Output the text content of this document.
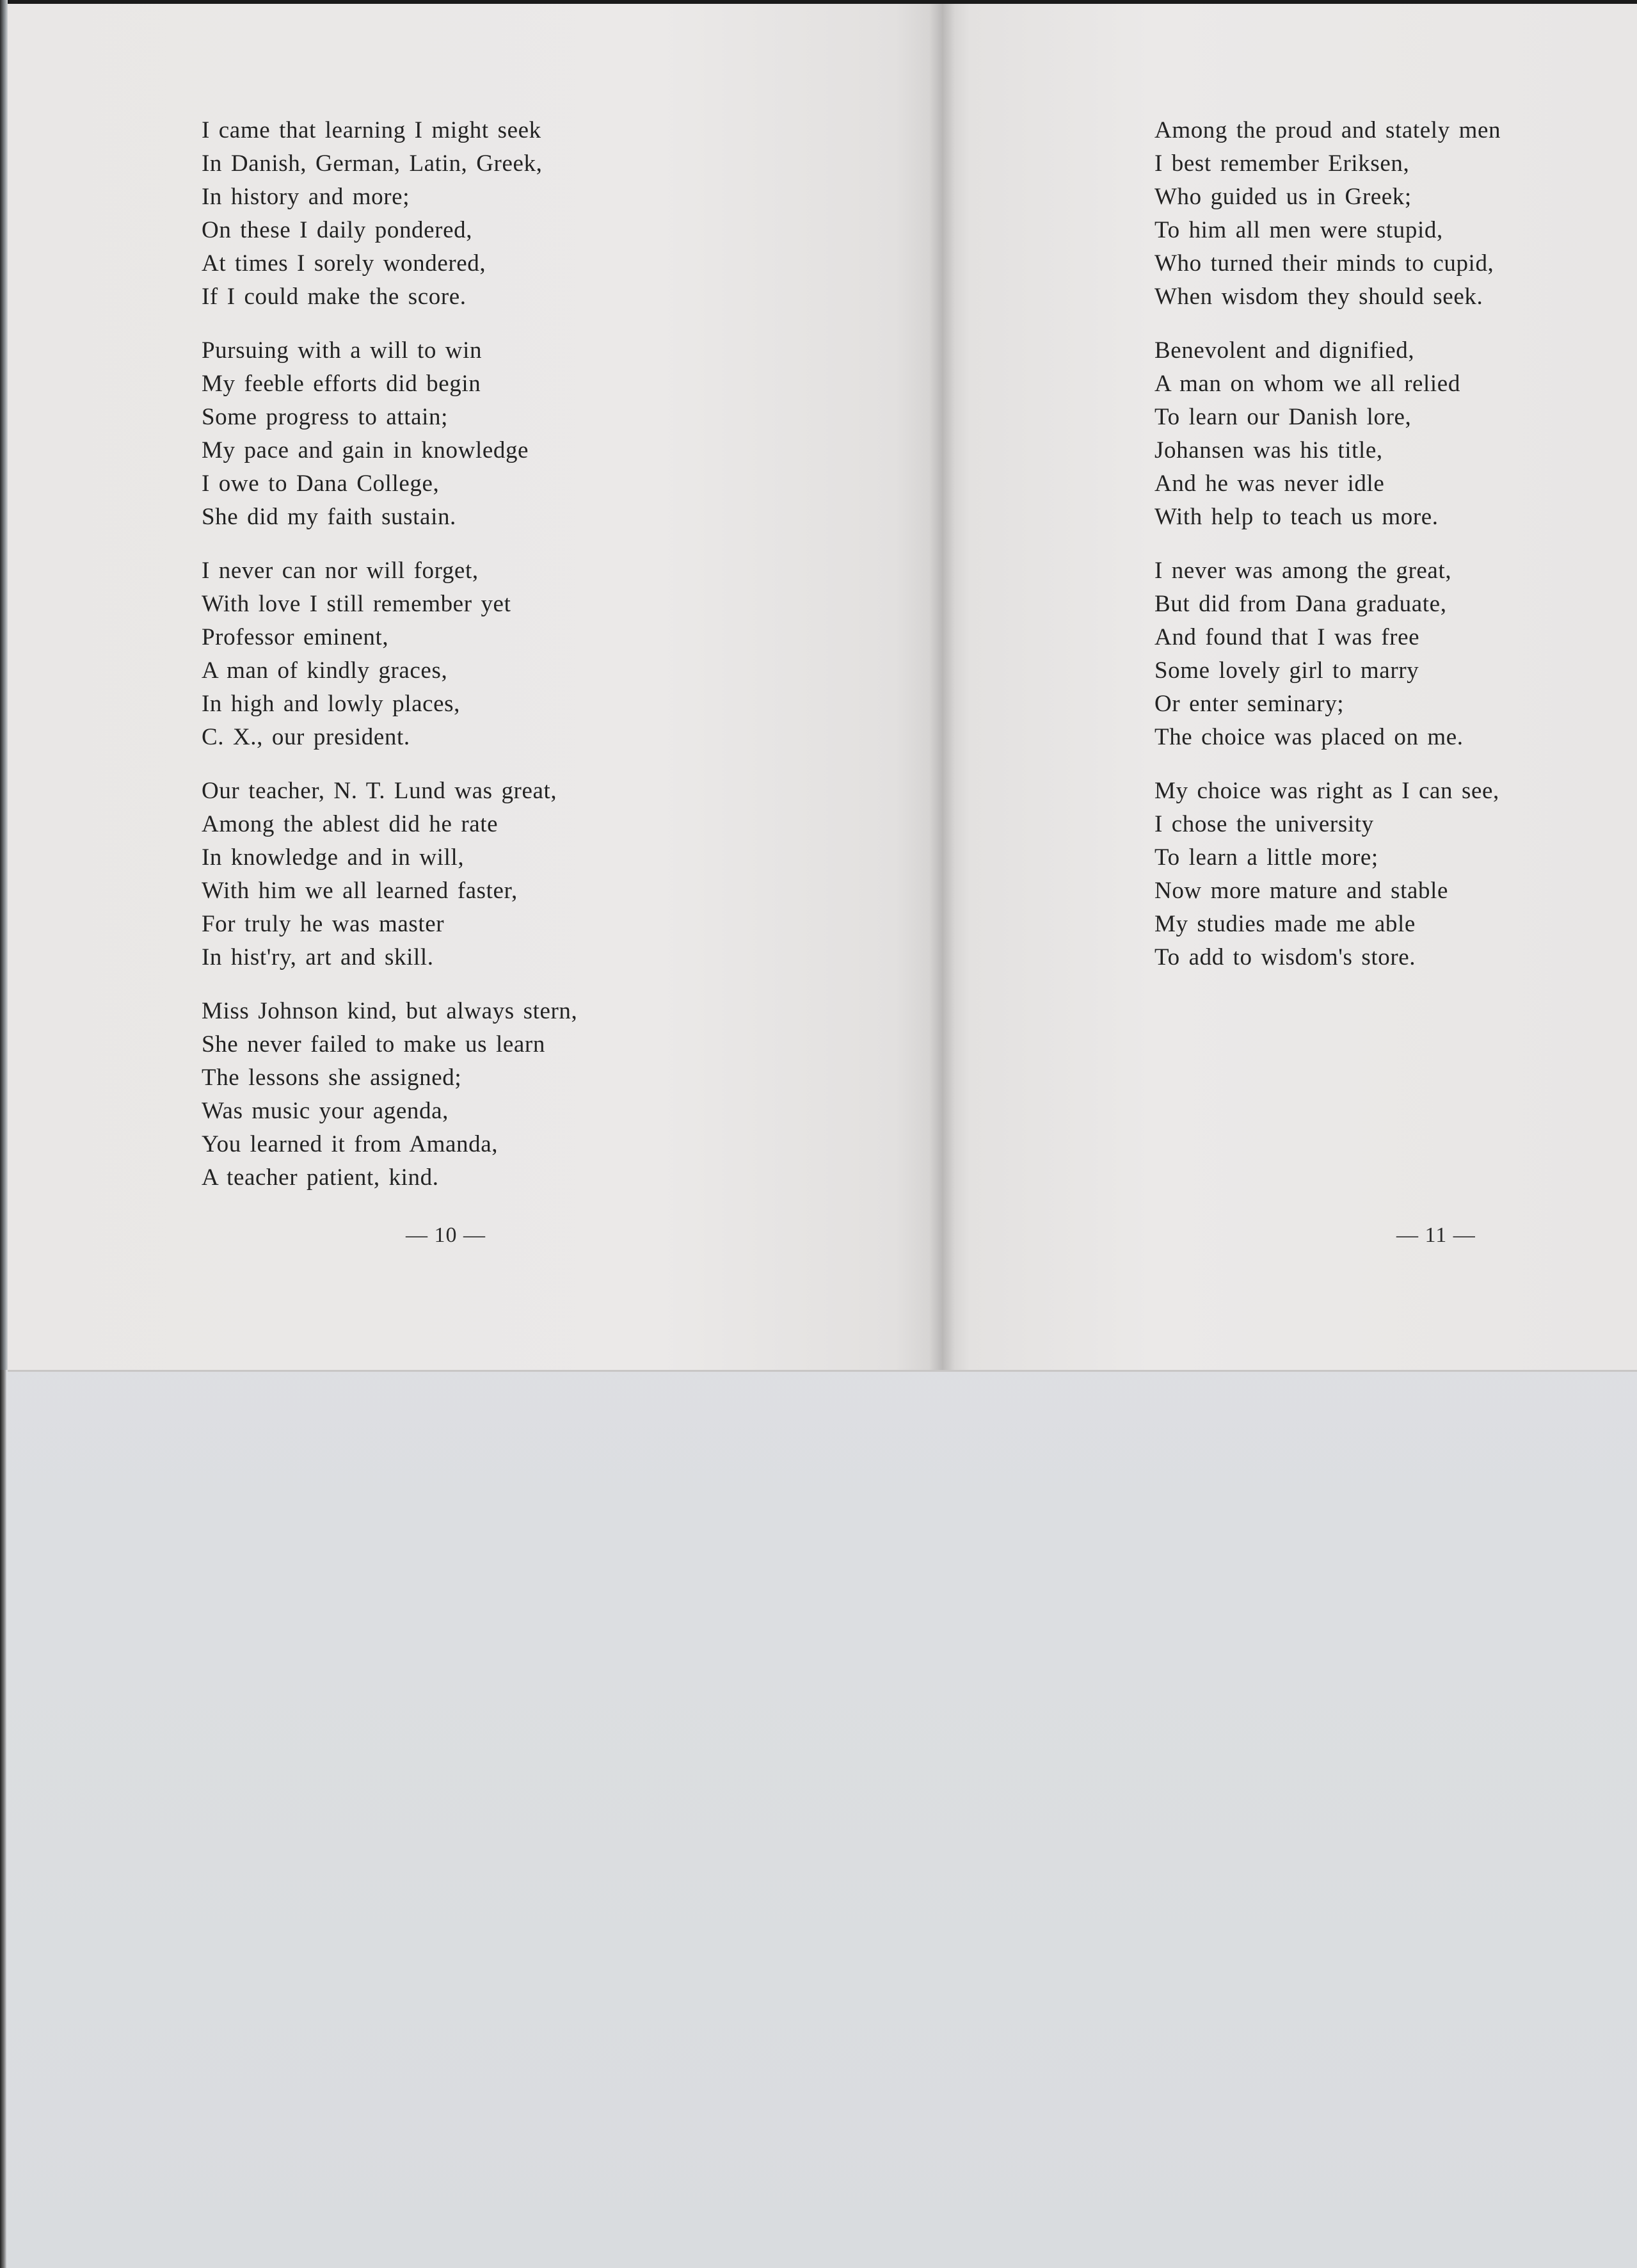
I came that learning I might seek
In Danish, German, Latin, Greek,
In history and more;
On these I daily pondered,
At times I sorely wondered,
If I could make the score.
Pursuing with a will to win
My feeble efforts did begin
Some progress to attain;
My pace and gain in knowledge
I owe to Dana College,
She did my faith sustain.
I never can nor will forget,
With love I still remember yet
Professor eminent,
A man of kindly graces,
In high and lowly places,
C. X., our president.
Our teacher, N. T. Lund was great,
Among the ablest did he rate
In knowledge and in will,
With him we all learned faster,
For truly he was master
In hist'ry, art and skill.
Miss Johnson kind, but always stern,
She never failed to make us learn
The lessons she assigned;
Was music your agenda,
You learned it from Amanda,
A teacher patient, kind.
— 10 —
Among the proud and stately men
I best remember Eriksen,
Who guided us in Greek;
To him all men were stupid,
Who turned their minds to cupid,
When wisdom they should seek.
Benevolent and dignified,
A man on whom we all relied
To learn our Danish lore,
Johansen was his title,
And he was never idle
With help to teach us more.
I never was among the great,
But did from Dana graduate,
And found that I was free
Some lovely girl to marry
Or enter seminary;
The choice was placed on me.
My choice was right as I can see,
I chose the university
To learn a little more;
Now more mature and stable
My studies made me able
To add to wisdom's store.
— 11 —
